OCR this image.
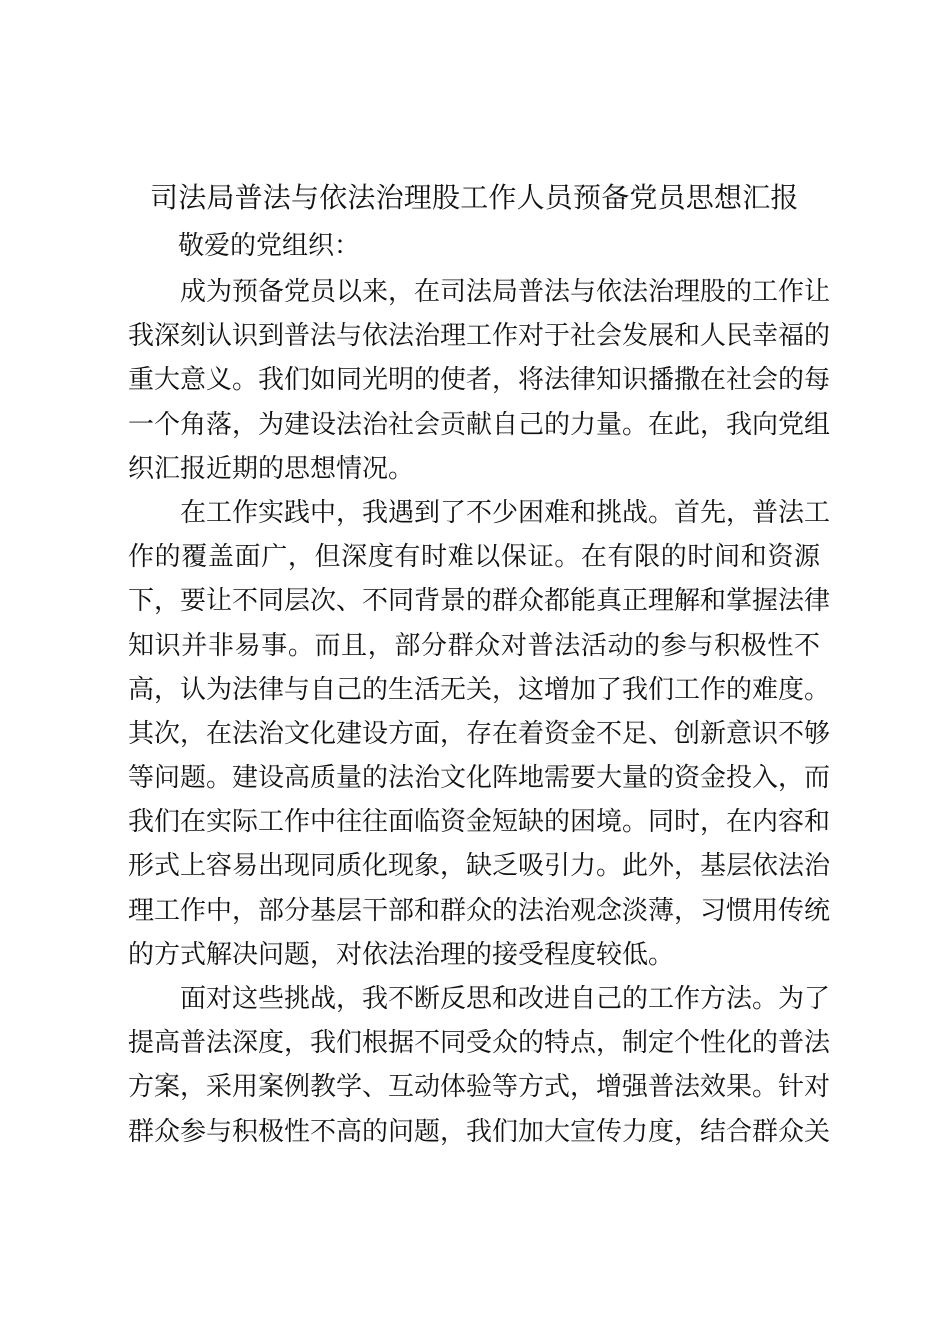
司法局普法与依法治理股工作人员预备党员思想汇报
敬爱的党组织：

成为预备党员以来，在司法局普法与依法治理股的工作让
我深刻认识到普法与依法治理工作对于社会发展和人民幸福的
重大意义。我们如同光明的使者，将法律知识播撒在社会的每
一个角落，为建设法治社会贡献自己的力量。在此，我向党组
织汇报近期的思想情况。

在工作实践中，我遇到了不少困难和挑战。首先，普法工
作的覆盖面广，但深度有时难以保证。在有限的时间和资源
下，要让不同层次、不同背景的群众都能真正理解和掌握法律
知识并非易事。而且，部分群众对普法活动的参与积极性不
高，认为法律与自己的生活无关，这增加了我们工作的难度。
其次，在法治文化建设方面，存在着资金不足、创新意识不够
等问题。建设高质量的法治文化阵地需要大量的资金投入，而
我们在实际工作中往往面临资金短缺的困境。同时，在内容和
形式上容易出现同质化现象，缺乏吸引力。此外，基层依法治
理工作中，部分基层干部和群众的法治观念淡薄，习惯用传统
的方式解决问题，对依法治理的接受程度较低。

面对这些挑战，我不断反思和改进自己的工作方法。为了
提高普法深度，我们根据不同受众的特点，制定个性化的普法
方案，采用案例教学、互动体验等方式，增强普法效果。针对
群众参与积极性不高的问题，我们加大宣传力度，结合群众关
